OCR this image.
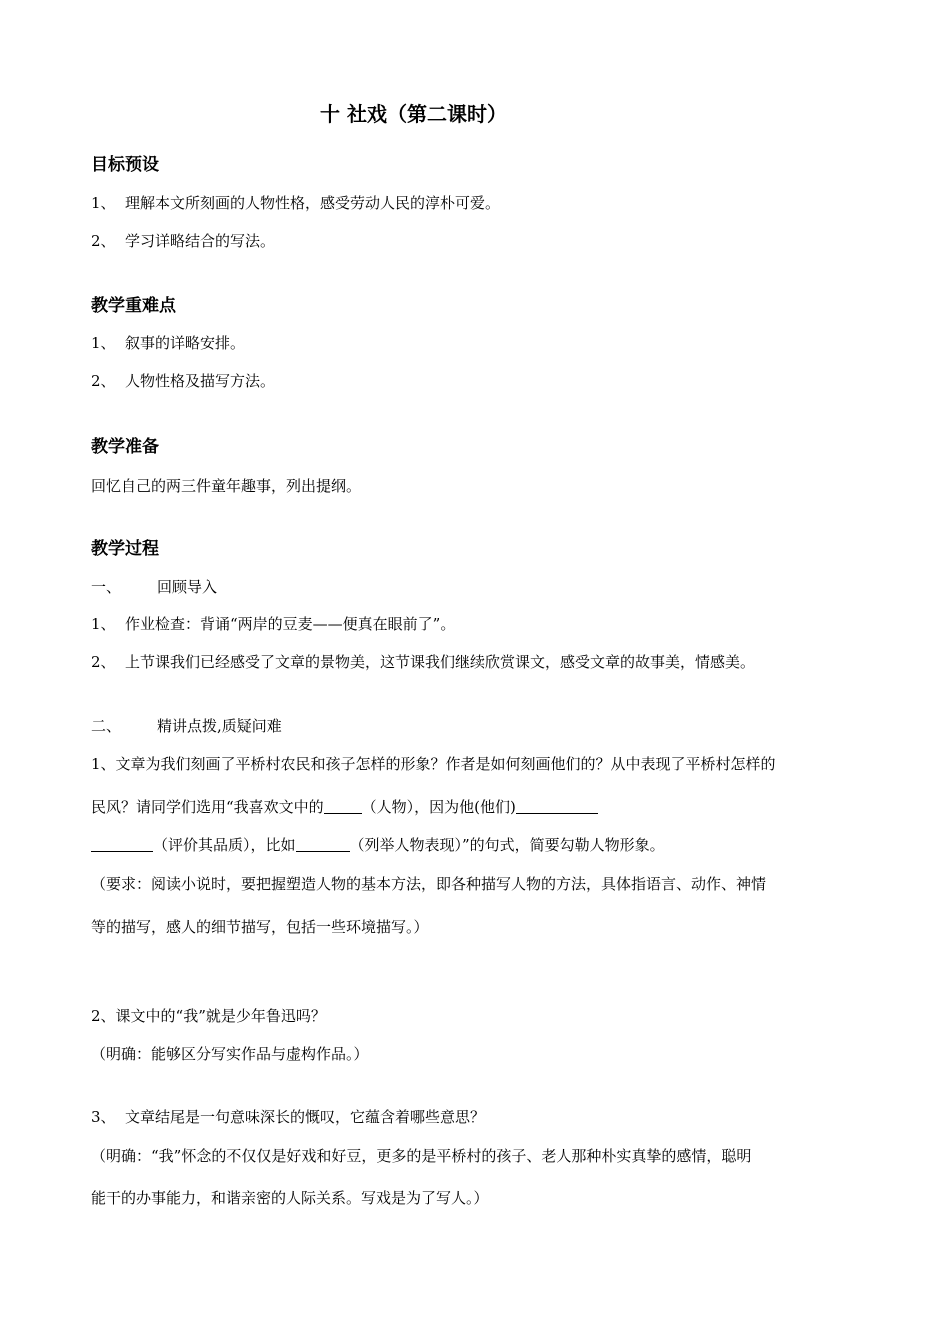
十 社戏（第二课时）
目标预设
1、 理解本文所刻画的人物性格，感受劳动人民的淳朴可爱。
2、 学习详略结合的写法。
教学重难点
1、 叙事的详略安排。
2、 人物性格及描写方法。
教学准备
回忆自己的两三件童年趣事，列出提纲。
教学过程
一、 回顾导入
1、 作业检查：背诵“两岸的豆麦——便真在眼前了”。
2、 上节课我们已经感受了文章的景物美，这节课我们继续欣赏课文，感受文章的故事美，情感美。
二、 精讲点拨,质疑问难
1、文章为我们刻画了平桥村农民和孩子怎样的形象？作者是如何刻画他们的？从中表现了平桥村怎样的
民风？请同学们选用“我喜欢文中的	（人物），因为他(他们)
（评价其品质），比如	（列举人物表现）”的句式，简要勾勒人物形象。
（要求：阅读小说时，要把握塑造人物的基本方法，即各种描写人物的方法，具体指语言、动作、神情
等的描写，感人的细节描写，包括一些环境描写。）
2、课文中的“我”就是少年鲁迅吗？
（明确：能够区分写实作品与虚构作品。）
3、 文章结尾是一句意味深长的慨叹，它蕴含着哪些意思？
（明确：“我”怀念的不仅仅是好戏和好豆，更多的是平桥村的孩子、老人那种朴实真挚的感情，聪明
能干的办事能力，和谐亲密的人际关系。写戏是为了写人。）
